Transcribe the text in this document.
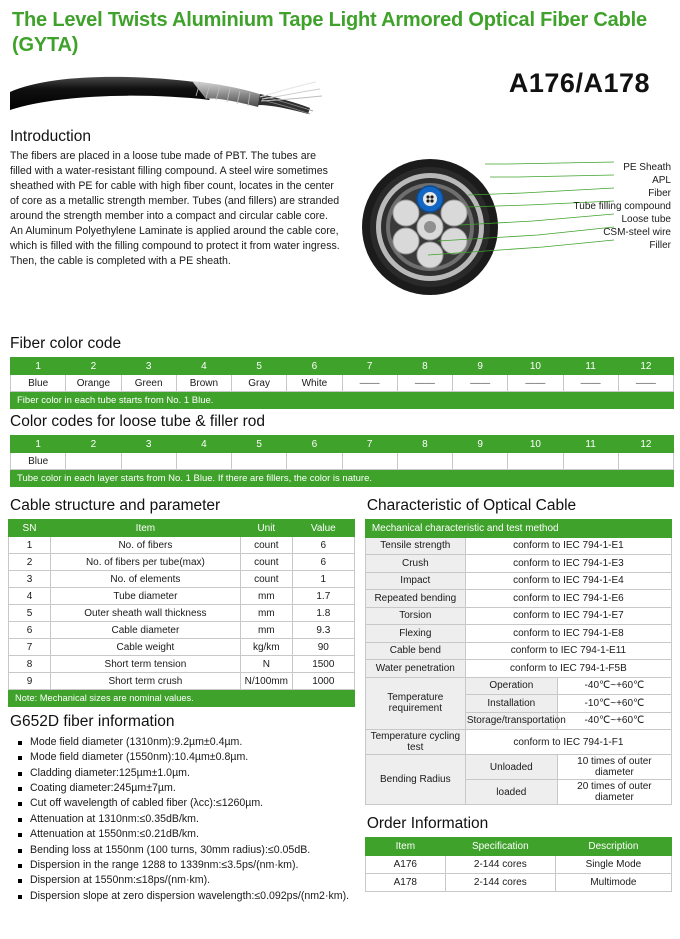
The Level Twists Aluminium Tape Light Armored Optical Fiber Cable (GYTA)
A176/A178
Introduction
The fibers are placed in a loose tube made of PBT. The tubes are filled with a water-resistant filling compound. A steel wire sometimes sheathed with PE for cable with high fiber count, locates in the center of core as a metallic strength member. Tubes (and fillers) are stranded around the strength member into a compact and circular cable core. An Aluminum Polyethylene Laminate is applied around the cable core, which is filled with the filling compound to protect it from water ingress. Then, the cable is completed with a PE sheath.
PE Sheath
APL
Fiber
Tube filling compound
Loose tube
CSM-steel wire
Filler
Fiber color code
1	2	3	4	5	6	7	8	9	10	11	12
Blue	Orange	Green	Brown	Gray	White	——	——	——	——	——	——
Fiber color in each tube starts from No. 1 Blue.											
Color codes for loose tube & filler rod
1	2	3	4	5	6	7	8	9	10	11	12
Blue											
Tube color in each layer starts from No. 1 Blue. If there are fillers, the color is nature.											
Cable structure and parameter
SN	Item	Unit	Value
1	No. of fibers	count	6
2	No. of fibers per tube(max)	count	6
3	No. of elements	count	1
4	Tube diameter	mm	1.7
5	Outer sheath wall thickness	mm	1.8
6	Cable diameter	mm	9.3
7	Cable weight	kg/km	90
8	Short term tension	N	1500
9	Short term crush	N/100mm	1000
Note: Mechanical sizes are nominal values.			
G652D fiber information
Mode field diameter (1310nm):9.2µm±0.4µm.
Mode field diameter (1550nm):10.4µm±0.8µm.
Cladding diameter:125µm±1.0µm.
Coating diameter:245µm±7µm.
Cut off wavelength of cabled fiber (λcc):≤1260µm.
Attenuation at 1310nm:≤0.35dB/km.
Attenuation at 1550nm:≤0.21dB/km.
Bending loss at 1550nm (100 turns, 30mm radius):≤0.05dB.
Dispersion in the range 1288 to 1339nm:≤3.5ps/(nm·km).
Dispersion at 1550nm:≤18ps/(nm·km).
Dispersion slope at zero dispersion wavelength:≤0.092ps/(nm2·km).
Characteristic of Optical Cable
Mechanical characteristic and test method		
Tensile strength	conform to IEC 794-1-E1	
Crush	conform to IEC 794-1-E3	
Impact	conform to IEC 794-1-E4	
Repeated bending	conform to IEC 794-1-E6	
Torsion	conform to IEC 794-1-E7	
Flexing	conform to IEC 794-1-E8	
Cable bend	conform to IEC 794-1-E11	
Water penetration	conform to IEC 794-1-F5B	
Temperature requirement	Operation	-40℃~+60℃
	Installation	-10℃~+60℃
	Storage/transportation	-40℃~+60℃
Temperature cycling test	conform to IEC 794-1-F1	
Bending Radius	Unloaded	10 times of outer diameter
	loaded	20 times of outer diameter
Order Information
Item	Specification	Description
A176	2-144 cores	Single Mode
A178	2-144 cores	Multimode
